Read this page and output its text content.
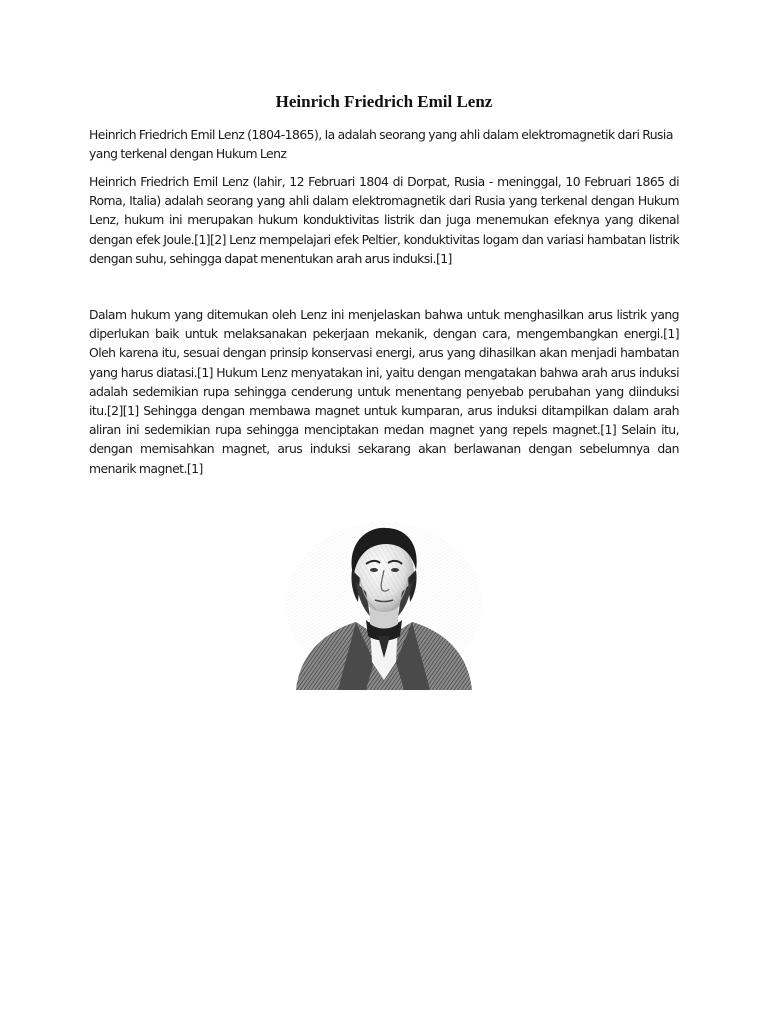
Heinrich Friedrich Emil Lenz

Heinrich Friedrich Emil Lenz (1804-1865), Ia adalah seorang yang ahli dalam elektromagnetik dari Rusia yang terkenal dengan Hukum Lenz

Heinrich Friedrich Emil Lenz (lahir, 12 Februari 1804 di Dorpat, Rusia - meninggal, 10 Februari 1865 di Roma, Italia) adalah seorang yang ahli dalam elektromagnetik dari Rusia yang terkenal dengan Hukum Lenz, hukum ini merupakan hukum konduktivitas listrik dan juga menemukan efeknya yang dikenal dengan efek Joule.[1][2] Lenz mempelajari efek Peltier, konduktivitas logam dan variasi hambatan listrik dengan suhu, sehingga dapat menentukan arah arus induksi.[1]

Dalam hukum yang ditemukan oleh Lenz ini menjelaskan bahwa untuk menghasilkan arus listrik yang diperlukan baik untuk melaksanakan pekerjaan mekanik, dengan cara, mengembangkan energi.[1] Oleh karena itu, sesuai dengan prinsip konservasi energi, arus yang dihasilkan akan menjadi hambatan yang harus diatasi.[1] Hukum Lenz menyatakan ini, yaitu dengan mengatakan bahwa arah arus induksi adalah sedemikian rupa sehingga cenderung untuk menentang penyebab perubahan yang diinduksi itu.[2][1] Sehingga dengan membawa magnet untuk kumparan, arus induksi ditampilkan dalam arah aliran ini sedemikian rupa sehingga menciptakan medan magnet yang repels magnet.[1] Selain itu, dengan memisahkan magnet, arus induksi sekarang akan berlawanan dengan sebelumnya dan menarik magnet.[1]
